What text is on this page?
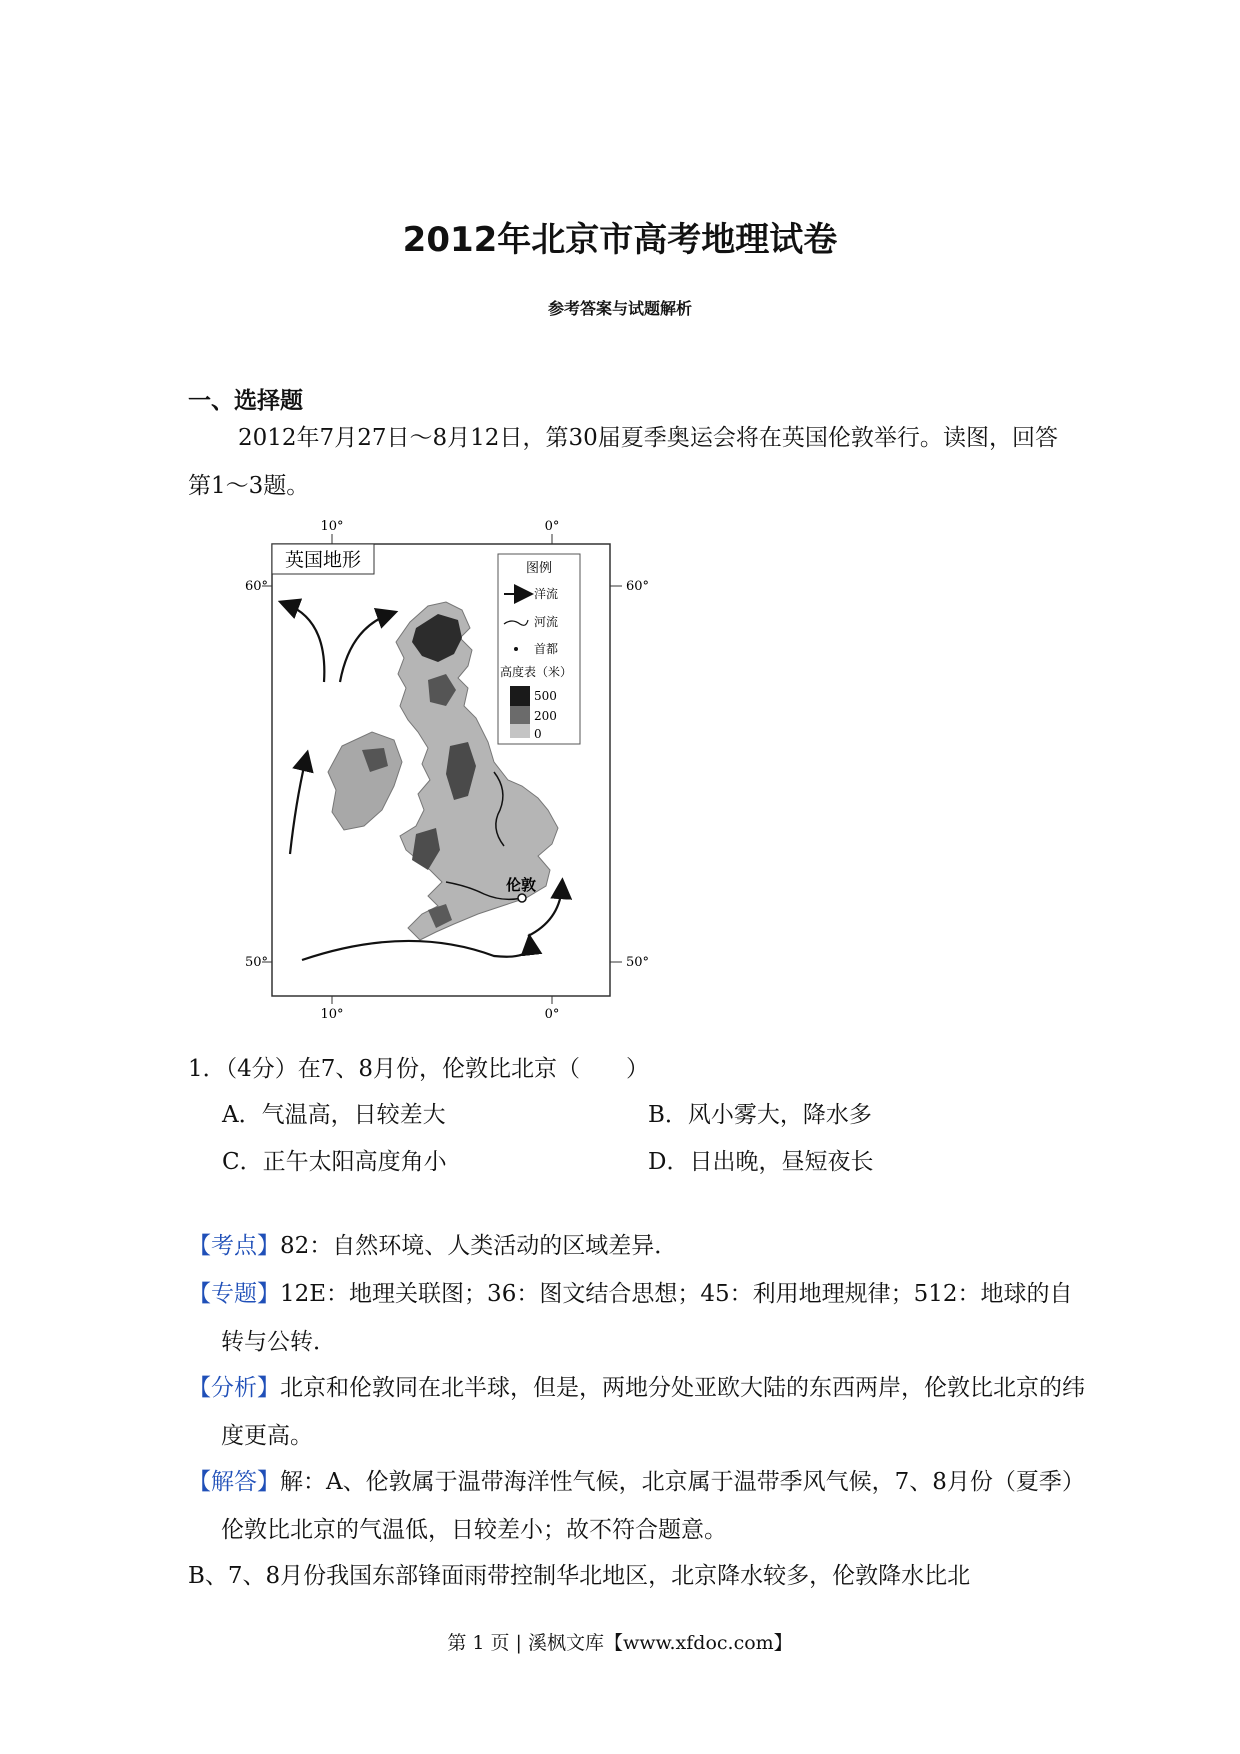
2012年北京市高考地理试卷
参考答案与试题解析
一、选择题
2012年7月27日～8月12日，第30届夏季奥运会将在英国伦敦举行。读图，回答第1～3题。
10°	0°
60°	60°
50°	50°
10°	0°
英国地形
伦敦
图例
洋流
河流
首都
高度表（米）
500
200
0
1．（4分）在7、8月份，伦敦比北京（　　）
A．气温高，日较差大	B．风小雾大，降水多
C．正午太阳高度角小	D．日出晚，昼短夜长
【考点】82：自然环境、人类活动的区域差异．
【专题】12E：地理关联图；36：图文结合思想；45：利用地理规律；512：地球的自转与公转．
【分析】北京和伦敦同在北半球，但是，两地分处亚欧大陆的东西两岸，伦敦比北京的纬度更高。
【解答】解：A、伦敦属于温带海洋性气候，北京属于温带季风气候，7、8月份（夏季）伦敦比北京的气温低，日较差小；故不符合题意。
B、7、8月份我国东部锋面雨带控制华北地区，北京降水较多，伦敦降水比北
第 1 页 | 溪枫文库【www.xfdoc.com】
